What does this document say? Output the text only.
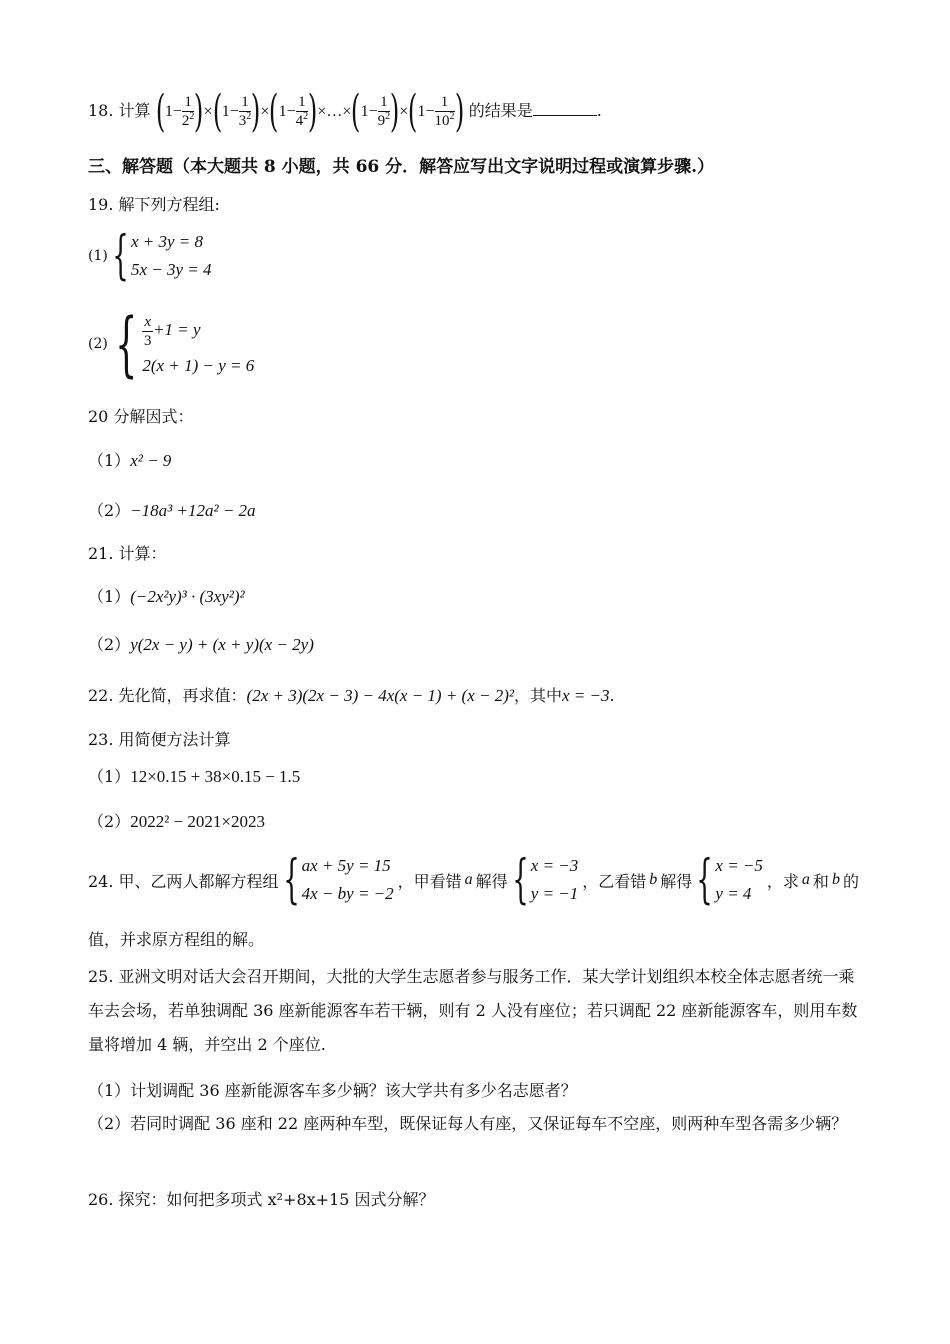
18. 计算 $(1- \frac{1}{2^2} )\times(1- \frac{1}{3^2} )\times(1- \frac{1}{4^2}$ )×…×(1− $\frac{1}{9^2} )\times(1- \frac{1}{10^2}$ ) 的结果是	.
三、解答题（本大题共 8 小题，共 66 分．解答应写出文字说明过程或演算步骤.）
19. 解下列方程组:
(1) { x + 3y = 8
5x − 3y = 4
(2) { $\frac{x}{3} +1 = y$
2(x + 1) − y = 6
20 分解因式：
（1）x² − 9
（2）−18a³ +12a² − 2a
21. 计算：
（1）(−2x²y)³ · (3xy²)²
（2）y(2x − y) + (x + y)(x − 2y)
22. 先化简，再求值：(2x + 3)(2x − 3) − 4x(x − 1) + (x − 2)²，其中x = −3.
23. 用简便方法计算
（1）12×0.15 + 38×0.15 − 1.5
（2）2022² − 2021×2023
24. 甲、乙两人都解方程组 { ax + 5y = 15
4x − by = −2
，甲看错 a 解得 { x = −3
y = −1
，乙看错 b 解得 { x = −5
y = 4
，求 a 和 b 的
值，并求原方程组的解。
25. 亚洲文明对话大会召开期间，大批的大学生志愿者参与服务工作．某大学计划组织本校全体志愿者统一乘车去会场，若单独调配 36 座新能源客车若干辆，则有 2 人没有座位；若只调配 22 座新能源客车，则用车数量将增加 4 辆，并空出 2 个座位.
（1）计划调配 36 座新能源客车多少辆？该大学共有多少名志愿者？
（2）若同时调配 36 座和 22 座两种车型，既保证每人有座，又保证每车不空座，则两种车型各需多少辆？
26. 探究：如何把多项式 x²+8x+15 因式分解？
